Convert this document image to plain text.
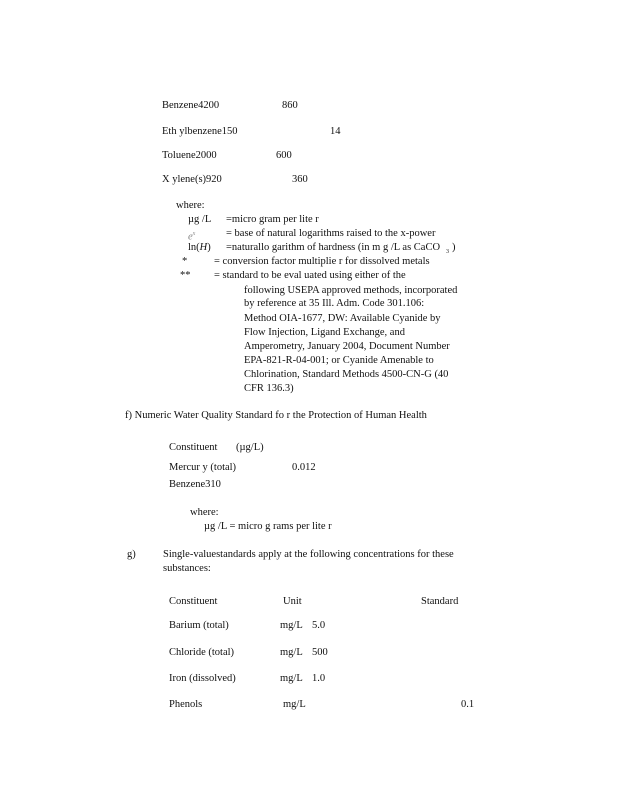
Benzene4200	860
Eth ylbenzene150	14
Toluene2000	600
X ylene(s)920	360
where:
µg /L =micro gram per lite r
$e^x$	= base of natural logarithms raised to the x-power
ln(H) =naturallo garithm of hardness (in m g /L as CaCO $_3$ )
*	= conversion factor multiplie r for dissolved metals
** = standard to be eval uated using either of the
following USEPA approved methods, incorporated
by reference at 35 Ill. Adm. Code 301.106:
Method OIA-1677, DW: Available Cyanide by
Flow Injection, Ligand Exchange, and
Amperometry, January 2004, Document Number
EPA-821-R-04-001; or Cyanide Amenable to
Chlorination, Standard Methods 4500-CN-G (40
CFR 136.3)
f) Numeric Water Quality Standard fo r the Protection of Human Health
Constituent (µg/L)
Mercur y (total)	0.012
Benzene310
where:
µg /L = micro g rams per lite r
g)	Single-valuestandards apply at the following concentrations for these
substances:
Constituent	Unit	Standard
Barium (total)	mg/L 5.0
Chloride (total)	mg/L 500
Iron (dissolved)	mg/L 1.0
Phenols	mg/L	0.1
